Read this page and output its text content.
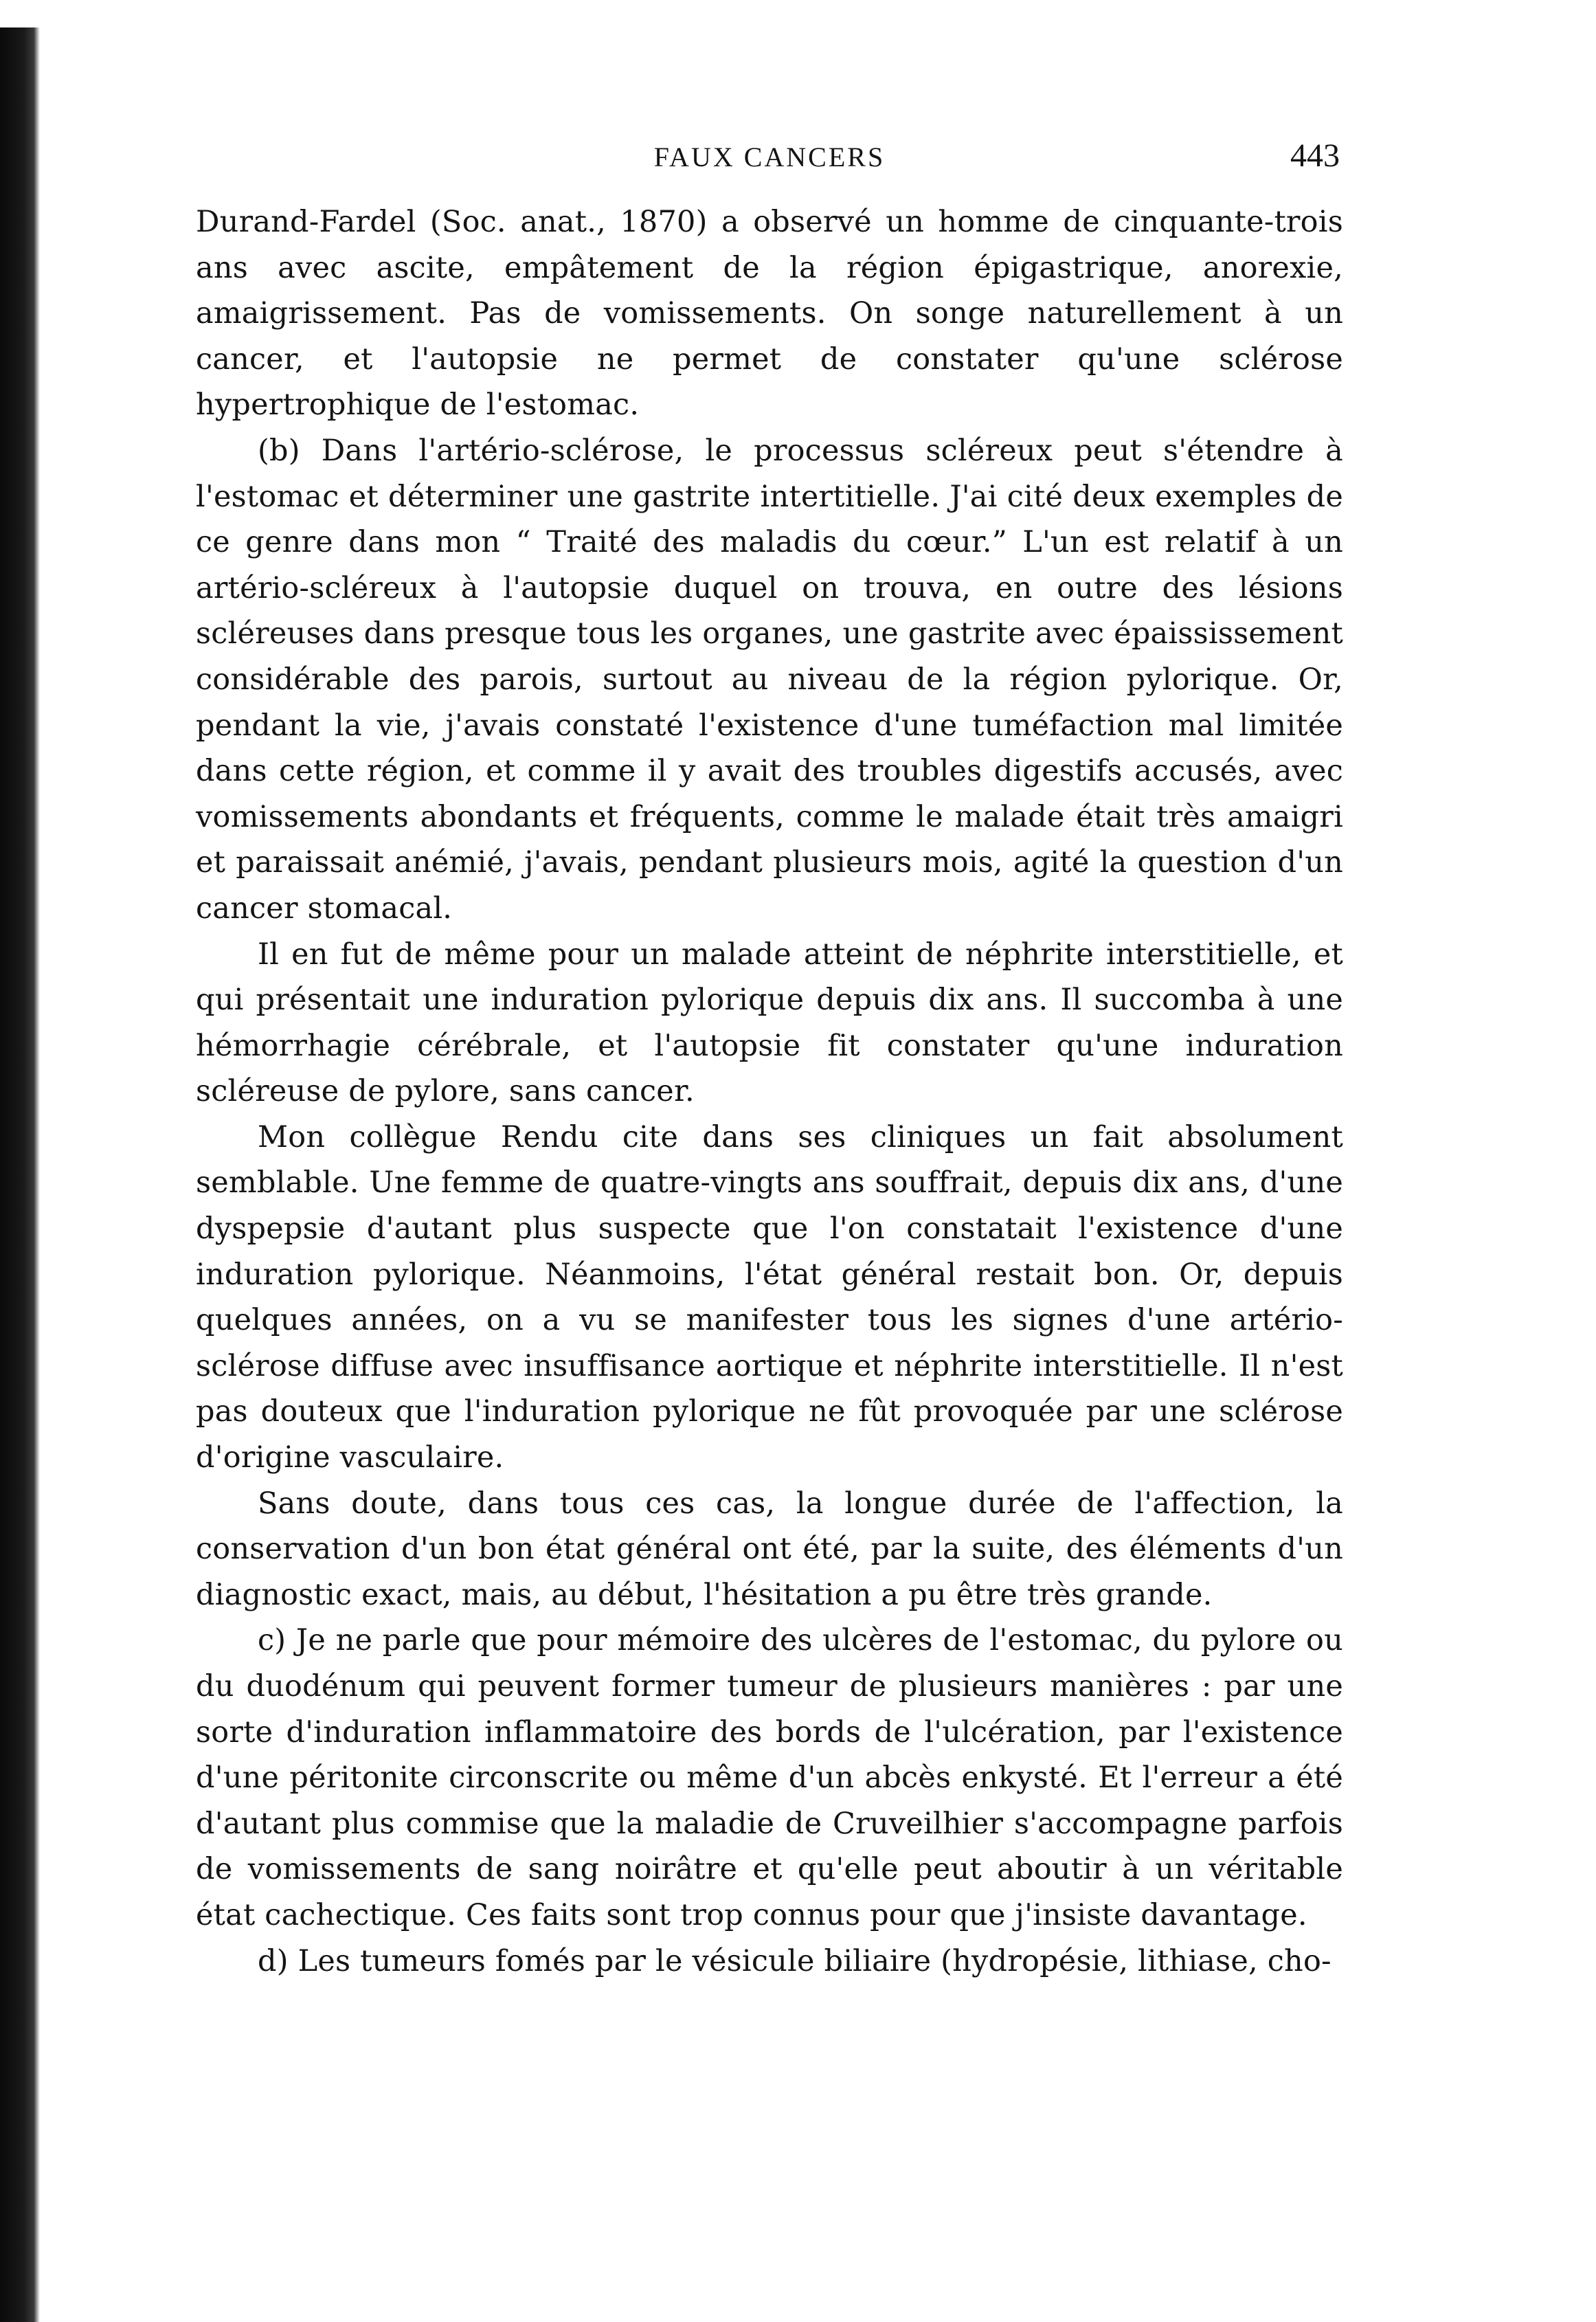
FAUX CANCERS	443

Durand-Fardel (Soc. anat., 1870) a observé un homme de cinquante-trois ans avec ascite, empâtement de la région épigastrique, anorexie, amaigrissement. Pas de vomissements. On songe naturellement à un cancer, et l'autopsie ne permet de constater qu'une sclérose hypertrophique de l'estomac.

(b) Dans l'artério-sclérose, le processus scléreux peut s'étendre à l'estomac et déterminer une gastrite intertitielle. J'ai cité deux exemples de ce genre dans mon “ Traité des maladis du cœur.” L'un est relatif à un artério-scléreux à l'autopsie duquel on trouva, en outre des lésions scléreuses dans presque tous les organes, une gastrite avec épaississement considérable des parois, surtout au niveau de la région pylorique. Or, pendant la vie, j'avais constaté l'existence d'une tuméfaction mal limitée dans cette région, et comme il y avait des troubles digestifs accusés, avec vomissements abondants et fréquents, comme le malade était très amaigri et paraissait anémié, j'avais, pendant plusieurs mois, agité la question d'un cancer stomacal.

Il en fut de même pour un malade atteint de néphrite interstitielle, et qui présentait une induration pylorique depuis dix ans. Il succomba à une hémorrhagie cérébrale, et l'autopsie fit constater qu'une induration scléreuse de pylore, sans cancer.

Mon collègue Rendu cite dans ses cliniques un fait absolument semblable. Une femme de quatre-vingts ans souffrait, depuis dix ans, d'une dyspepsie d'autant plus suspecte que l'on constatait l'existence d'une induration pylorique. Néanmoins, l'état général restait bon. Or, depuis quelques années, on a vu se manifester tous les signes d'une artério-sclérose diffuse avec insuffisance aortique et néphrite interstitielle. Il n'est pas douteux que l'induration pylorique ne fût provoquée par une sclérose d'origine vasculaire.

Sans doute, dans tous ces cas, la longue durée de l'affection, la conservation d'un bon état général ont été, par la suite, des éléments d'un diagnostic exact, mais, au début, l'hésitation a pu être très grande.

c) Je ne parle que pour mémoire des ulcères de l'estomac, du pylore ou du duodénum qui peuvent former tumeur de plusieurs manières : par une sorte d'induration inflammatoire des bords de l'ulcération, par l'existence d'une péritonite circonscrite ou même d'un abcès enkysté. Et l'erreur a été d'autant plus commise que la maladie de Cruveilhier s'accompagne parfois de vomissements de sang noirâtre et qu'elle peut aboutir à un véritable état cachectique. Ces faits sont trop connus pour que j'insiste davantage.

d) Les tumeurs fomés par le vésicule biliaire (hydropésie, lithiase, cho-
